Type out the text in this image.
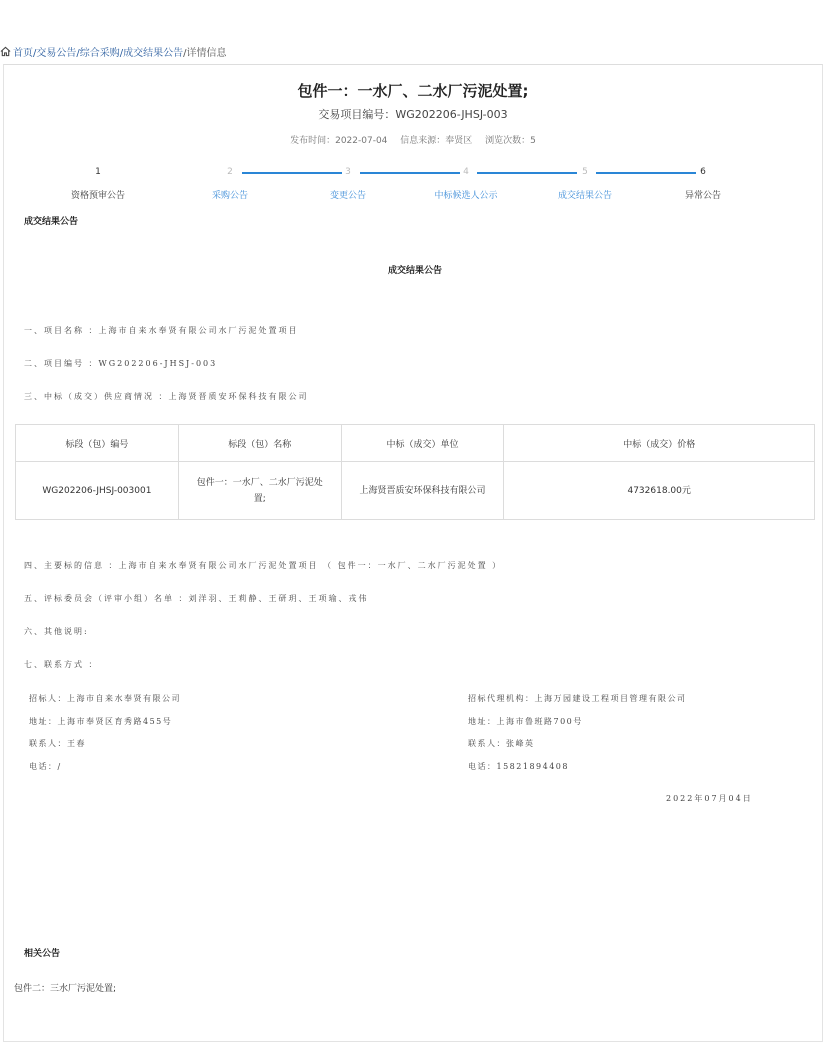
首页/ 交易公告 /综合采购 /成交结果公告 /详情信息
包件一：一水厂、二水厂污泥处置;
交易项目编号：WG202206-JHSJ-003
发布时间：2022-07-04 信息来源：奉贤区 浏览次数：5
1
资格预审公告
2
采购公告
3
变更公告
4
中标候选人公示
5
成交结果公告
6
异常公告
成交结果公告
成交结果公告
一、项目名称 ：上海市自来水奉贤有限公司水厂污泥处置项目
二、项目编号 ：WG202206-JHSJ-003
三、中标（成交）供应商情况 ：上海贤晋质安环保科技有限公司
标段（包）编号	标段（包）名称	中标（成交）单位	中标（成交）价格
WG202206-JHSJ-003001	包件一：一水厂、二水厂污泥处置;	上海贤晋质安环保科技有限公司	4732618.00元
四、主要标的信息 ：上海市自来水奉贤有限公司水厂污泥处置项目 （ 包件一：一水厂、二水厂污泥处置 ）
五、评标委员会（评审小组）名单 ：刘洋羽、王莉静、王研玥、王项瑜、戎伟
六、其他说明:
七、联系方式 ：
招标人：上海市自来水奉贤有限公司
地址：上海市奉贤区育秀路455号
联系人：王春
电话：/
招标代理机构：上海万园建设工程项目管理有限公司
地址：上海市鲁班路700号
联系人：张峰英
电话：15821894408
2022年07月04日
相关公告
包件二：三水厂污泥处置;
